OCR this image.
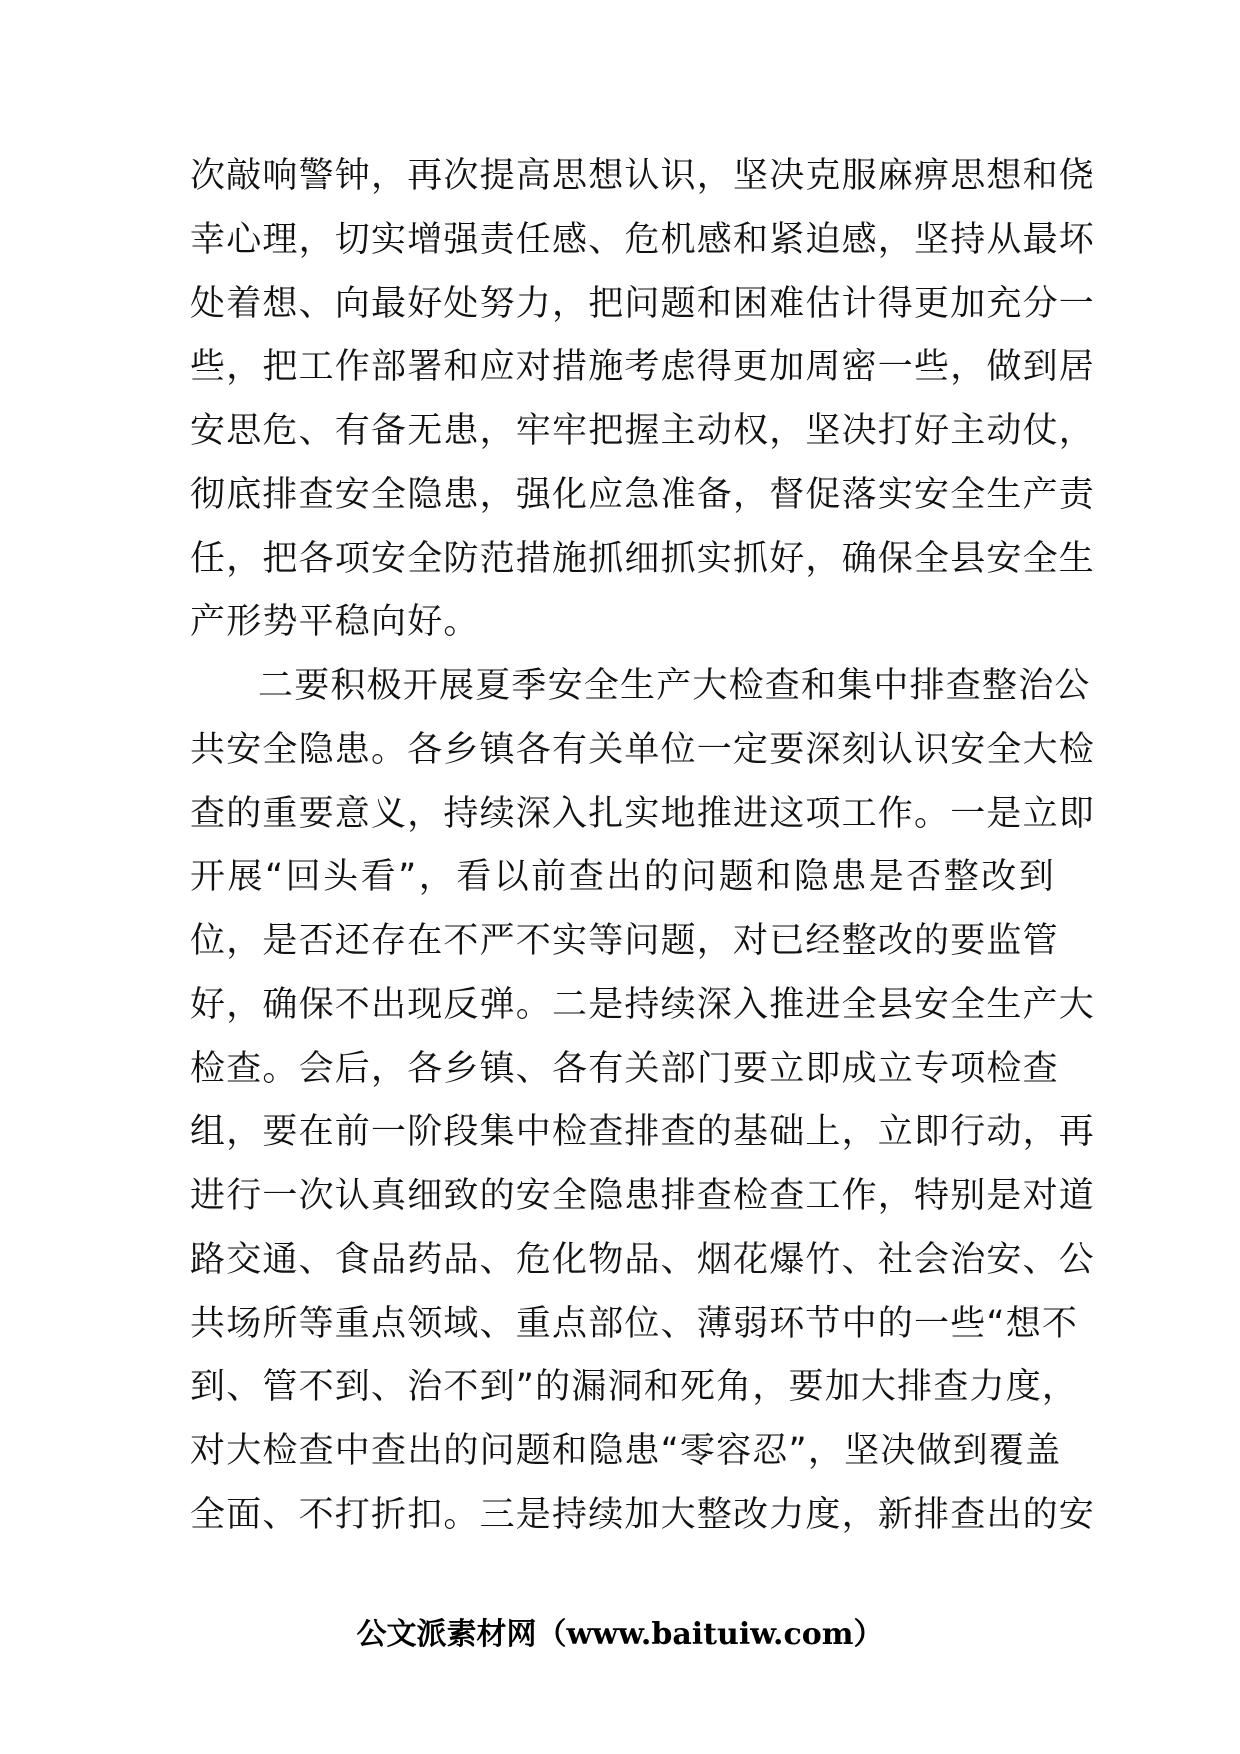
次敲响警钟，再次提高思想认识，坚决克服麻痹思想和侥
幸心理，切实增强责任感、危机感和紧迫感，坚持从最坏
处着想、向最好处努力，把问题和困难估计得更加充分一
些，把工作部署和应对措施考虑得更加周密一些，做到居
安思危、有备无患，牢牢把握主动权，坚决打好主动仗，
彻底排查安全隐患，强化应急准备，督促落实安全生产责
任，把各项安全防范措施抓细抓实抓好，确保全县安全生
产形势平稳向好。
二要积极开展夏季安全生产大检查和集中排查整治公
共安全隐患。各乡镇各有关单位一定要深刻认识安全大检
查的重要意义，持续深入扎实地推进这项工作。一是立即
开展“回头看”，看以前查出的问题和隐患是否整改到
位，是否还存在不严不实等问题，对已经整改的要监管
好，确保不出现反弹。二是持续深入推进全县安全生产大
检查。会后，各乡镇、各有关部门要立即成立专项检查
组，要在前一阶段集中检查排查的基础上，立即行动，再
进行一次认真细致的安全隐患排查检查工作，特别是对道
路交通、食品药品、危化物品、烟花爆竹、社会治安、公
共场所等重点领域、重点部位、薄弱环节中的一些“想不
到、管不到、治不到”的漏洞和死角，要加大排查力度，
对大检查中查出的问题和隐患“零容忍”，坚决做到覆盖
全面、不打折扣。三是持续加大整改力度，新排查出的安
公文派素材网（www.baituiw.com）
